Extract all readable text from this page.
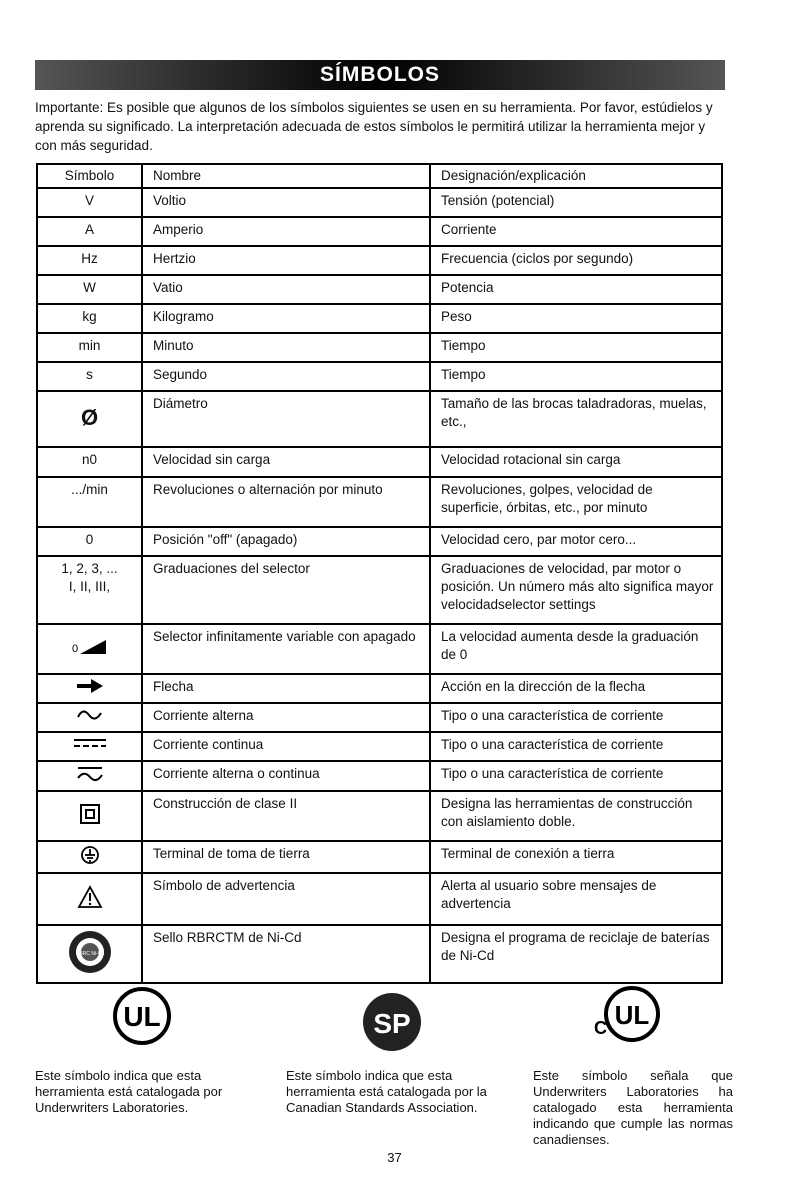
SÍMBOLOS
Importante: Es posible que algunos de los símbolos siguientes se usen en su herramienta. Por favor, estúdielos y aprenda su significado. La interpretación adecuada de estos símbolos le permitirá utilizar la herramienta mejor y con más seguridad.
Símbolo	Nombre	Designación/explicación
V	Voltio	Tensión (potencial)
A	Amperio	Corriente
Hz	Hertzio	Frecuencia (ciclos por segundo)
W	Vatio	Potencia
kg	Kilogramo	Peso
min	Minuto	Tiempo
s	Segundo	Tiempo
Ø	Diámetro	Tamaño de las brocas taladradoras, muelas, etc.,
n0	Velocidad sin carga	Velocidad rotacional sin carga
.../min	Revoluciones o alternación por minuto	Revoluciones, golpes, velocidad de superficie, órbitas, etc., por minuto
0	Posición "off" (apagado)	Velocidad cero, par motor cero...
1, 2, 3, ...
I, II, III,	Graduaciones del selector	Graduaciones de velocidad, par motor o posición. Un número más alto significa mayor velocidadselector settings

0	Selector infinitamente variable con apagado	La velocidad aumenta desde la graduación de 0
	Flecha	Acción en la dirección de la flecha
	Corriente alterna	Tipo o una característica de corriente
	Corriente continua	Tipo o una característica de corriente
	Corriente alterna o continua	Tipo o una característica de corriente
	Construcción de clase II	Designa las herramientas de construcción con aislamiento doble.
	Terminal de toma de tierra	Terminal de conexión a tierra
	Símbolo de advertencia	Alerta al usuario sobre mensajes de advertencia

RBRC Ni-Cd	Sello RBRCTM de Ni-Cd	Designa el programa de reciclaje de baterías de Ni-Cd
UL	SP	C UL
Este símbolo indica que esta herramienta está catalogada por Underwriters Laboratories.
Este símbolo indica que esta herramienta está catalogada por la Canadian Standards Association.
Este símbolo señala que Underwriters Laboratories ha catalogado esta herramienta indicando que cumple las normas canadienses.
37
